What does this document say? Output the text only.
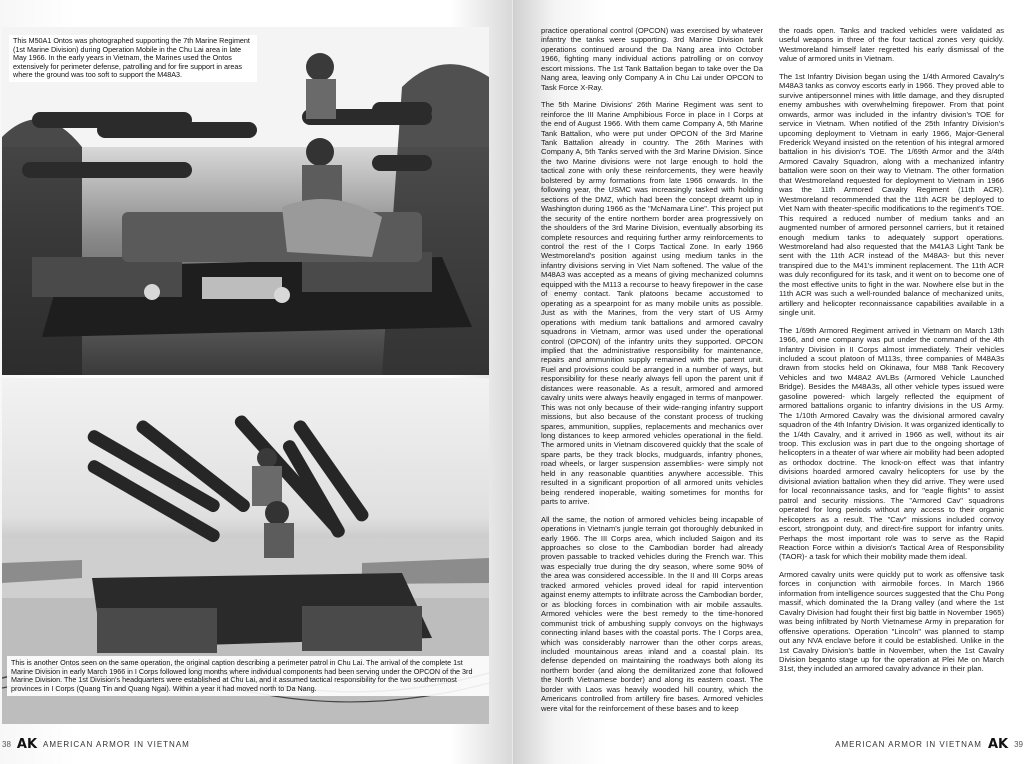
This M50A1 Ontos was photographed supporting the 7th Marine Regiment (1st Marine Division) during Operation Mobile in the Chu Lai area in late May 1966. In the early years in Vietnam, the Marines used the Ontos extensively for perimeter defense, patrolling and for fire support in areas where the ground was too soft to support the M48A3.
This is another Ontos seen on the same operation, the original caption describing a perimeter patrol in Chu Lai. The arrival of the complete 1st Marine Division in early March 1966 in I Corps followed long months where individual components had been serving under the OPCON of the 3rd Marine Division. The 1st Division's headquarters were established at Chu Lai, and it assumed tactical responsibility for the two southernmost provinces in I Corps (Quang Tin and Quang Ngai). Within a year it had moved north to Da Nang.
38 AK AMERICAN ARMOR IN VIETNAM

practice operational control (OPCON) was exercised by whatever infantry the tanks were supporting. 3rd Marine Division tank operations continued around the Da Nang area into October 1966, fighting many individual actions patrolling or on convoy escort missions. The 1st Tank Battalion began to take over the Da Nang area, leaving only Company A in Chu Lai under OPCON to Task Force X-Ray.

The 5th Marine Divisions' 26th Marine Regiment was sent to reinforce the III Marine Amphibious Force in place in I Corps at the end of August 1966. With them came Company A, 5th Marine Tank Battalion, who were put under OPCON of the 3rd Marine Tank Battalion already in country. The 26th Marines with Company A, 5th Tanks served with the 3rd Marine Division. Since the two Marine divisions were not large enough to hold the tactical zone with only these reinforcements, they were heavily bolstered by army formations from late 1966 onwards. In the following year, the USMC was increasingly tasked with holding sections of the DMZ, which had been the concept dreamt up in Washington during 1966 as the "McNamara Line". This project put the security of the entire northern border area progressively on the shoulders of the 3rd Marine Division, eventually absorbing its complete resources and requiring further army reinforcements to control the rest of the I Corps Tactical Zone. In early 1966 Westmoreland's position against using medium tanks in the infantry divisions serving in Viet Nam softened. The value of the M48A3 was accepted as a means of giving mechanized columns equipped with the M113 a recourse to heavy firepower in the case of enemy contact. Tank platoons became accustomed to operating as a spearpoint for as many mobile units as possible. Just as with the Marines, from the very start of US Army operations with medium tank battalions and armored cavalry squadrons in Vietnam, armor was used under the operational control (OPCON) of the infantry units they supported. OPCON implied that the administrative responsibility for maintenance, repairs and ammunition supply remained with the parent unit. Fuel and provisions could be arranged in a number of ways, but responsibility for these nearly always fell upon the parent unit if distances were reasonable. As a result, armored and armored cavalry units were always heavily engaged in terms of manpower. This was not only because of their wide-ranging infantry support missions, but also because of the constant process of trucking spares, ammunition, supplies, replacements and mechanics over long distances to keep armored vehicles operational in the field. The armored units in Vietnam discovered quickly that the scale of spare parts, be they track blocks, mudguards, infantry phones, road wheels, or larger suspension assemblies- were simply not held in any reasonable quantities anywhere accessible. This resulted in a significant proportion of all armored units vehicles being rendered inoperable, waiting sometimes for months for parts to arrive.

All the same, the notion of armored vehicles being incapable of operations in Vietnam's jungle terrain got thoroughly debunked in early 1966. The III Corps area, which included Saigon and its approaches so close to the Cambodian border had already proven passable to tracked vehicles during the French war. This was especially true during the dry season, where some 90% of the area was considered accessible. In the II and III Corps areas tracked armored vehicles proved ideal for rapid intervention against enemy attempts to infiltrate across the Cambodian border, or as blocking forces in combination with air mobile assaults. Armored vehicles were the best remedy to the time-honored communist trick of ambushing supply convoys on the highways connecting inland bases with the coastal ports. The I Corps area, which was considerably narrower than the other corps areas, included mountainous areas inland and a coastal plain. Its defense depended on maintaining the roadways both along its northern border (and along the demilitarized zone that followed the North Vietnamese border) and along its eastern coast. The border with Laos was heavily wooded hill country, which the Americans controlled from artillery fire bases. Armored vehicles were vital for the reinforcement of these bases and to keep

the roads open. Tanks and tracked vehicles were validated as useful weapons in three of the four tactical zones very quickly. Westmoreland himself later regretted his early dismissal of the value of armored units in Vietnam.

The 1st Infantry Division began using the 1/4th Armored Cavalry's M48A3 tanks as convoy escorts early in 1966. They proved able to survive antipersonnel mines with little damage, and they disrupted enemy ambushes with overwhelming firepower. From that point onwards, armor was included in the infantry division's TOE for service in Vietnam. When notified of the 25th Infantry Division's upcoming deployment to Vietnam in early 1966, Major-General Frederick Weyand insisted on the retention of his integral armored battalion in his division's TOE. The 1/69th Armor and the 3/4th Armored Cavalry Squadron, along with a mechanized infantry battalion were soon on their way to Vietnam. The other formation that Westmoreland requested for deployment to Vietnam in 1966 was the 11th Armored Cavalry Regiment (11th ACR). Westmoreland recommended that the 11th ACR be deployed to Viet Nam with theater-specific modifications to the regiment's TOE. This required a reduced number of medium tanks and an augmented number of armored personnel carriers, but it retained enough medium tanks to adequately support operations. Westmoreland had also requested that the M41A3 Light Tank be sent with the 11th ACR instead of the M48A3- but this never transpired due to the M41's imminent replacement. The 11th ACR was duly reconfigured for its task, and it went on to become one of the most effective units to fight in the war. Nowhere else but in the 11th ACR was such a well-rounded balance of mechanized units, artillery and helicopter reconnaissance capabilities available in a single unit.

The 1/69th Armored Regiment arrived in Vietnam on March 13th 1966, and one company was put under the command of the 4th Infantry Division in II Corps almost immediately. Their vehicles included a scout platoon of M113s, three companies of M48A3s drawn from stocks held on Okinawa, four M88 Tank Recovery Vehicles and two M48A2 AVLBs (Armored Vehicle Launched Bridge). Besides the M48A3s, all other vehicle types issued were gasoline powered- which largely reflected the equipment of armored battalions organic to infantry divisions in the US Army. The 1/10th Armored Cavalry was the divisional armored cavalry squadron of the 4th Infantry Division. It was organized identically to the 1/4th Cavalry, and it arrived in 1966 as well, without its air troop. This exclusion was in part due to the ongoing shortage of helicopters in a theater of war where air mobility had been adopted as orthodox doctrine. The knock-on effect was that infantry divisions hoarded armored cavalry helicopters for use by the divisional aviation battalion when they did arrive. They were used for local reconnaissance tasks, and for "eagle flights" to assist patrol and security missions. The "Armored Cav" squadrons operated for long periods without any access to their organic helicopters as a result. The "Cav" missions included convoy escort, strongpoint duty, and direct-fire support for infantry units. Perhaps the most important role was to serve as the Rapid Reaction Force within a division's Tactical Area of Responsibility (TAOR)- a task for which their mobility made them ideal.

Armored cavalry units were quickly put to work as offensive task forces in conjunction with airmobile forces. In March 1966 information from intelligence sources suggested that the Chu Pong massif, which dominated the Ia Drang valley (and where the 1st Cavalry Division had fought their first big battle in November 1965) was being infiltrated by North Vietnamese Army in preparation for offensive operations. Operation "Lincoln" was planned to stamp out any NVA enclave before it could be established. Unlike in the 1st Cavalry Division's battle in November, when the 1st Cavalry Division beganto stage up for the operation at Plei Me on March 31st, they included an armored cavalry advance in their plan.

AMERICAN ARMOR IN VIETNAM AK 39
